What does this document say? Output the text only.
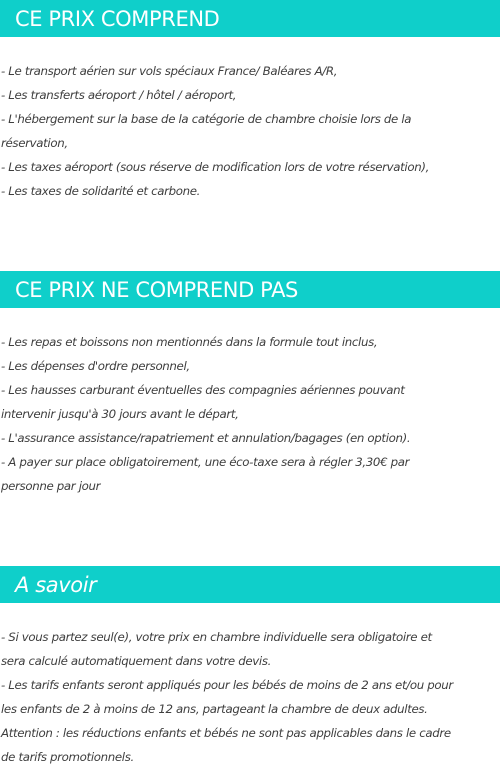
CE PRIX COMPREND
- Le transport aérien sur vols spéciaux France/ Baléares A/R,
- Les transferts aéroport / hôtel / aéroport,
- L'hébergement sur la base de la catégorie de chambre choisie lors de la
réservation,
- Les taxes aéroport (sous réserve de modification lors de votre réservation),
- Les taxes de solidarité et carbone.
CE PRIX NE COMPREND PAS
- Les repas et boissons non mentionnés dans la formule tout inclus,
- Les dépenses d'ordre personnel,
- Les hausses carburant éventuelles des compagnies aériennes pouvant
intervenir jusqu'à 30 jours avant le départ,
- L'assurance assistance/rapatriement et annulation/bagages (en option).
- A payer sur place obligatoirement, une éco-taxe sera à régler 3,30€ par
personne par jour
A savoir
- Si vous partez seul(e), votre prix en chambre individuelle sera obligatoire et
sera calculé automatiquement dans votre devis.
- Les tarifs enfants seront appliqués pour les bébés de moins de 2 ans et/ou pour
les enfants de 2 à moins de 12 ans, partageant la chambre de deux adultes.
Attention : les réductions enfants et bébés ne sont pas applicables dans le cadre
de tarifs promotionnels.
